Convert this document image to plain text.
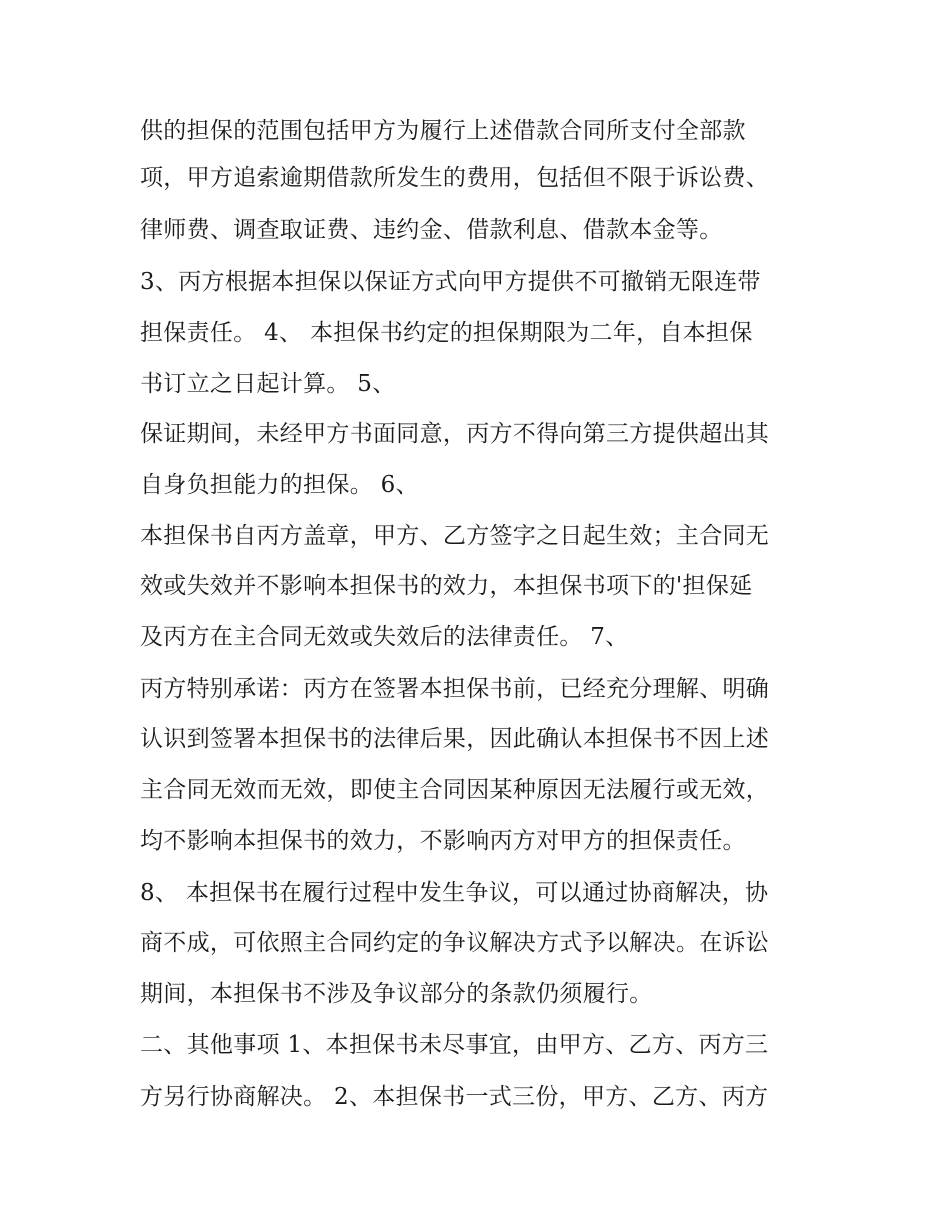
供的担保的范围包括甲方为履行上述借款合同所支付全部款
项，甲方追索逾期借款所发生的费用，包括但不限于诉讼费、
律师费、调查取证费、违约金、借款利息、借款本金等。
3、丙方根据本担保以保证方式向甲方提供不可撤销无限连带
担保责任。 4、 本担保书约定的担保期限为二年，自本担保
书订立之日起计算。 5、
保证期间，未经甲方书面同意，丙方不得向第三方提供超出其
自身负担能力的担保。 6、
本担保书自丙方盖章，甲方、乙方签字之日起生效；主合同无
效或失效并不影响本担保书的效力，本担保书项下的'担保延
及丙方在主合同无效或失效后的法律责任。 7、
丙方特别承诺：丙方在签署本担保书前，已经充分理解、明确
认识到签署本担保书的法律后果，因此确认本担保书不因上述
主合同无效而无效，即使主合同因某种原因无法履行或无效，
均不影响本担保书的效力，不影响丙方对甲方的担保责任。
8、 本担保书在履行过程中发生争议，可以通过协商解决，协
商不成，可依照主合同约定的争议解决方式予以解决。在诉讼
期间，本担保书不涉及争议部分的条款仍须履行。
二、其他事项 1、本担保书未尽事宜，由甲方、乙方、丙方三
方另行协商解决。 2、本担保书一式三份，甲方、乙方、丙方
